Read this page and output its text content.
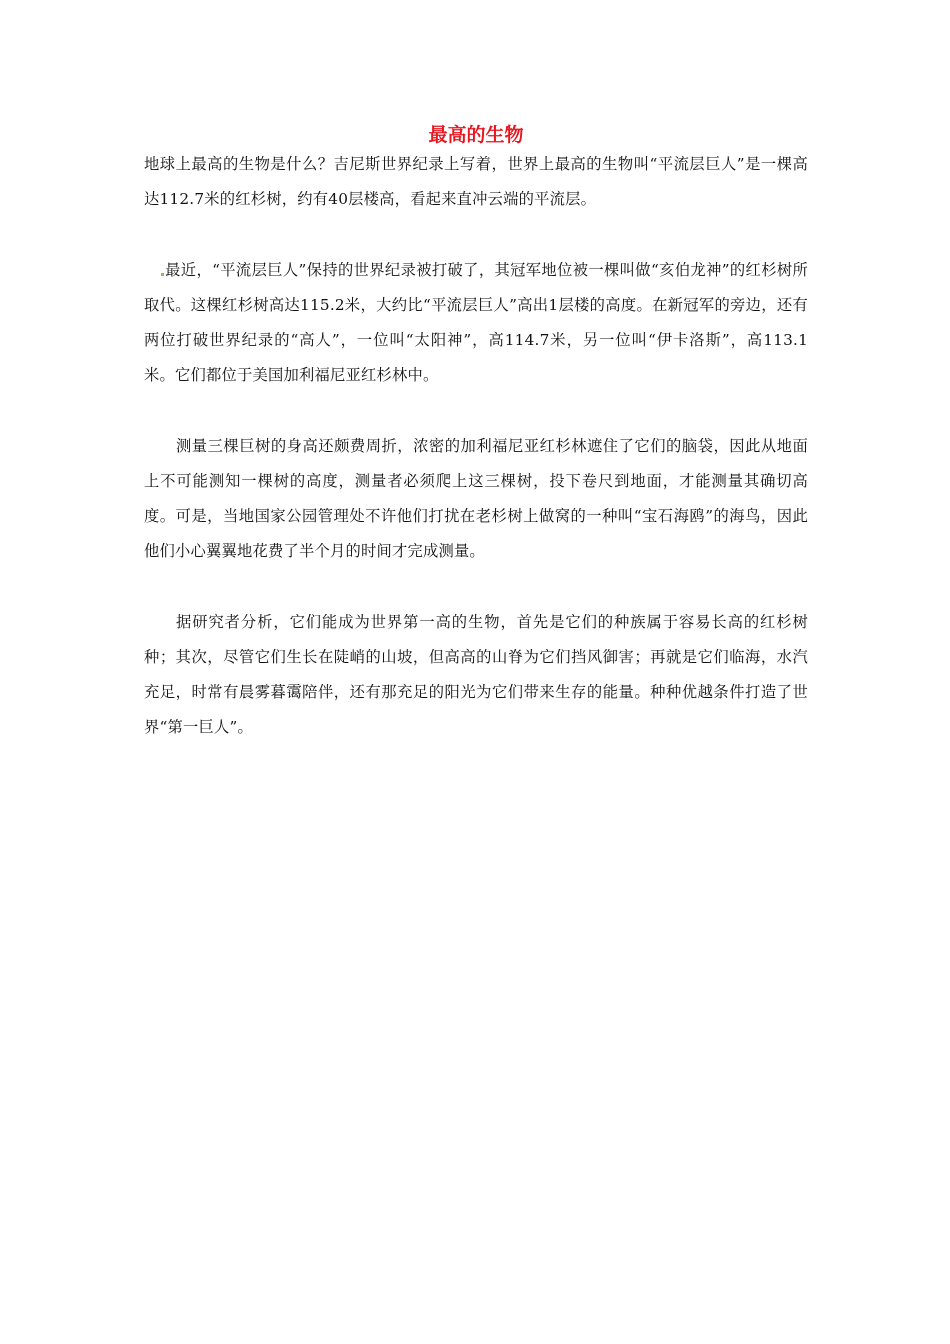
最高的生物

地球上最高的生物是什么？吉尼斯世界纪录上写着，世界上最高的生物叫“平流层巨人”是一棵高达112.7米的红杉树，约有40层楼高，看起来直冲云端的平流层。

最近，“平流层巨人”保持的世界纪录被打破了，其冠军地位被一棵叫做“亥伯龙神”的红杉树所取代。这棵红杉树高达115.2米，大约比“平流层巨人”高出1层楼的高度。在新冠军的旁边，还有两位打破世界纪录的“高人”，一位叫“太阳神”，高114.7米，另一位叫“伊卡洛斯”，高113.1米。它们都位于美国加利福尼亚红杉林中。

测量三棵巨树的身高还颇费周折，浓密的加利福尼亚红杉林遮住了它们的脑袋，因此从地面上不可能测知一棵树的高度，测量者必须爬上这三棵树，投下卷尺到地面，才能测量其确切高度。可是，当地国家公园管理处不许他们打扰在老杉树上做窝的一种叫“宝石海鸥”的海鸟，因此他们小心翼翼地花费了半个月的时间才完成测量。

据研究者分析，它们能成为世界第一高的生物，首先是它们的种族属于容易长高的红杉树种；其次，尽管它们生长在陡峭的山坡，但高高的山脊为它们挡风御害；再就是它们临海，水汽充足，时常有晨雾暮霭陪伴，还有那充足的阳光为它们带来生存的能量。种种优越条件打造了世界“第一巨人”。
